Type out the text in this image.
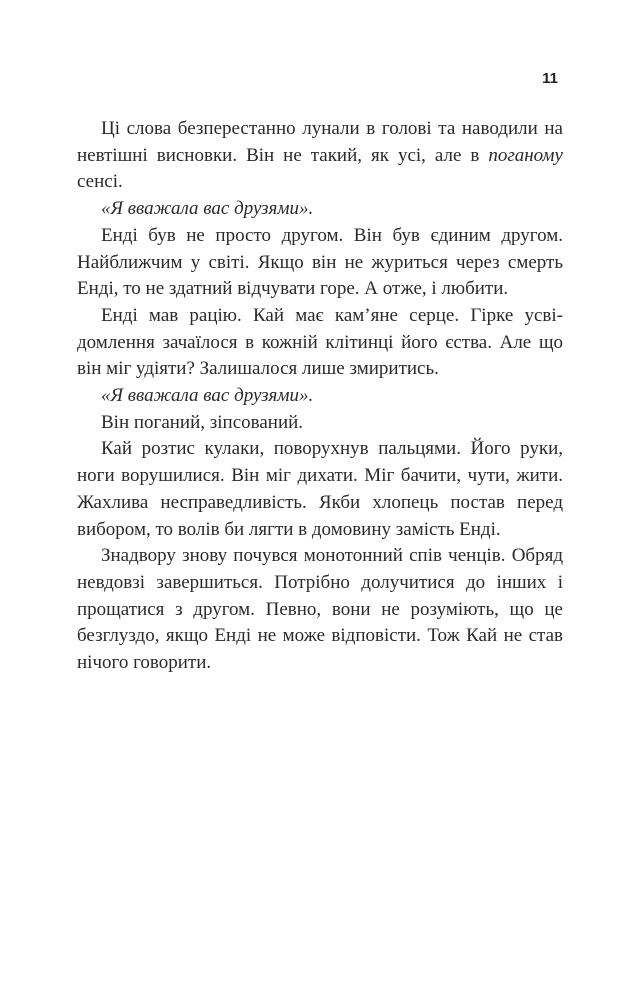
11

Ці слова безперестанно лунали в голові та наводили на невтішні висновки. Він не такий, як усі, але в поганому сенсі.

«Я вважала вас друзями».

Енді був не просто другом. Він був єдиним другом. Найближчим у світі. Якщо він не журиться через смерть Енді, то не здатний відчувати горе. А отже, і любити.

Енді мав рацію. Кай має кам’яне серце. Гірке усвідомлення зачаїлося в кожній клітинці його єства. Але що він міг удіяти? Залишалося лише змиритись.

«Я вважала вас друзями».

Він поганий, зіпсований.

Кай розтис кулаки, поворухнув пальцями. Його руки, ноги ворушилися. Він міг дихати. Міг бачити, чути, жити. Жахлива несправедливість. Якби хлопець постав перед вибором, то волів би лягти в домовину замість Енді.

Знадвору знову почувся монотонний спів ченців. Обряд невдовзі завершиться. Потрібно долучитися до інших і прощатися з другом. Певно, вони не розуміють, що це безглуздо, якщо Енді не може відповісти. Тож Кай не став нічого говорити.
